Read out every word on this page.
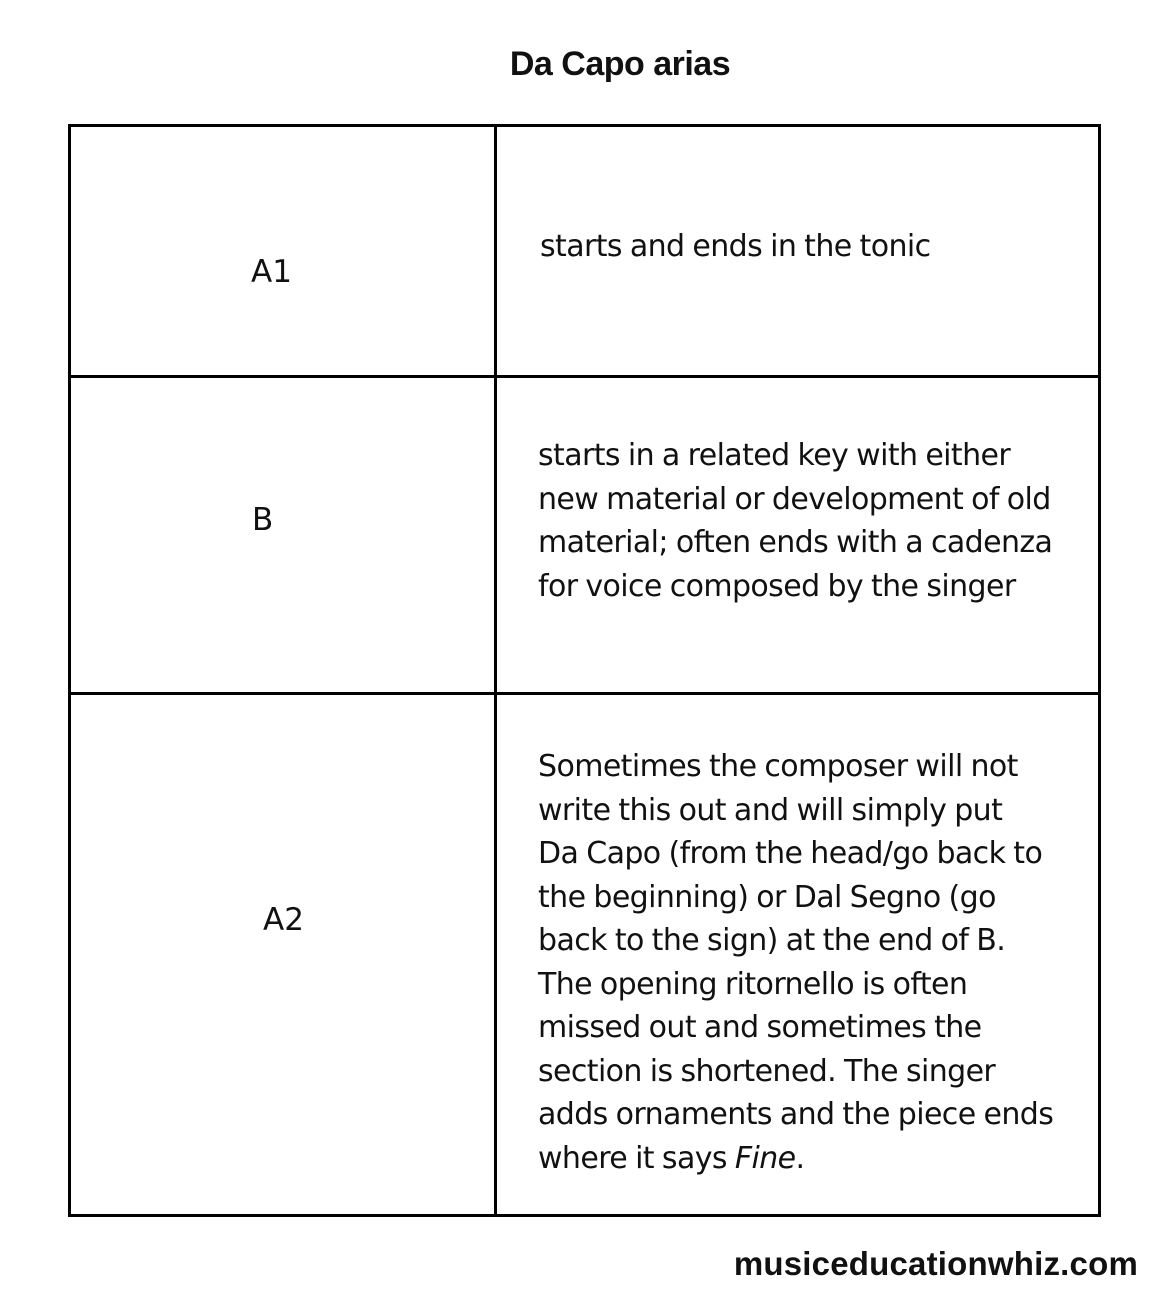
Da Capo arias
A1
starts and ends in the tonic
B
starts in a related key with either
new material or development of old
material; often ends with a cadenza
for voice composed by the singer
A2
Sometimes the composer will not
write this out and will simply put
Da Capo (from the head/go back to
the beginning) or Dal Segno (go
back to the sign) at the end of B.
The opening ritornello is often
missed out and sometimes the
section is shortened. The singer
adds ornaments and the piece ends
where it says Fine.
musiceducationwhiz.com
